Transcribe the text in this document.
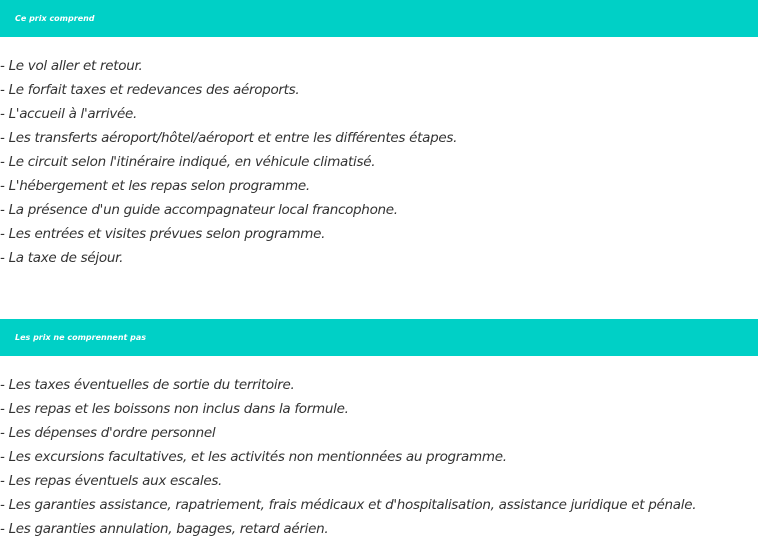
Ce prix comprend
- Le vol aller et retour.
- Le forfait taxes et redevances des aéroports.
- L'accueil à l'arrivée.
- Les transferts aéroport/hôtel/aéroport et entre les différentes étapes.
- Le circuit selon l'itinéraire indiqué, en véhicule climatisé.
- L'hébergement et les repas selon programme.
- La présence d'un guide accompagnateur local francophone.
- Les entrées et visites prévues selon programme.
- La taxe de séjour.
Les prix ne comprennent pas
- Les taxes éventuelles de sortie du territoire.
- Les repas et les boissons non inclus dans la formule.
- Les dépenses d'ordre personnel
- Les excursions facultatives, et les activités non mentionnées au programme.
- Les repas éventuels aux escales.
- Les garanties assistance, rapatriement, frais médicaux et d'hospitalisation, assistance juridique et pénale.
- Les garanties annulation, bagages, retard aérien.
